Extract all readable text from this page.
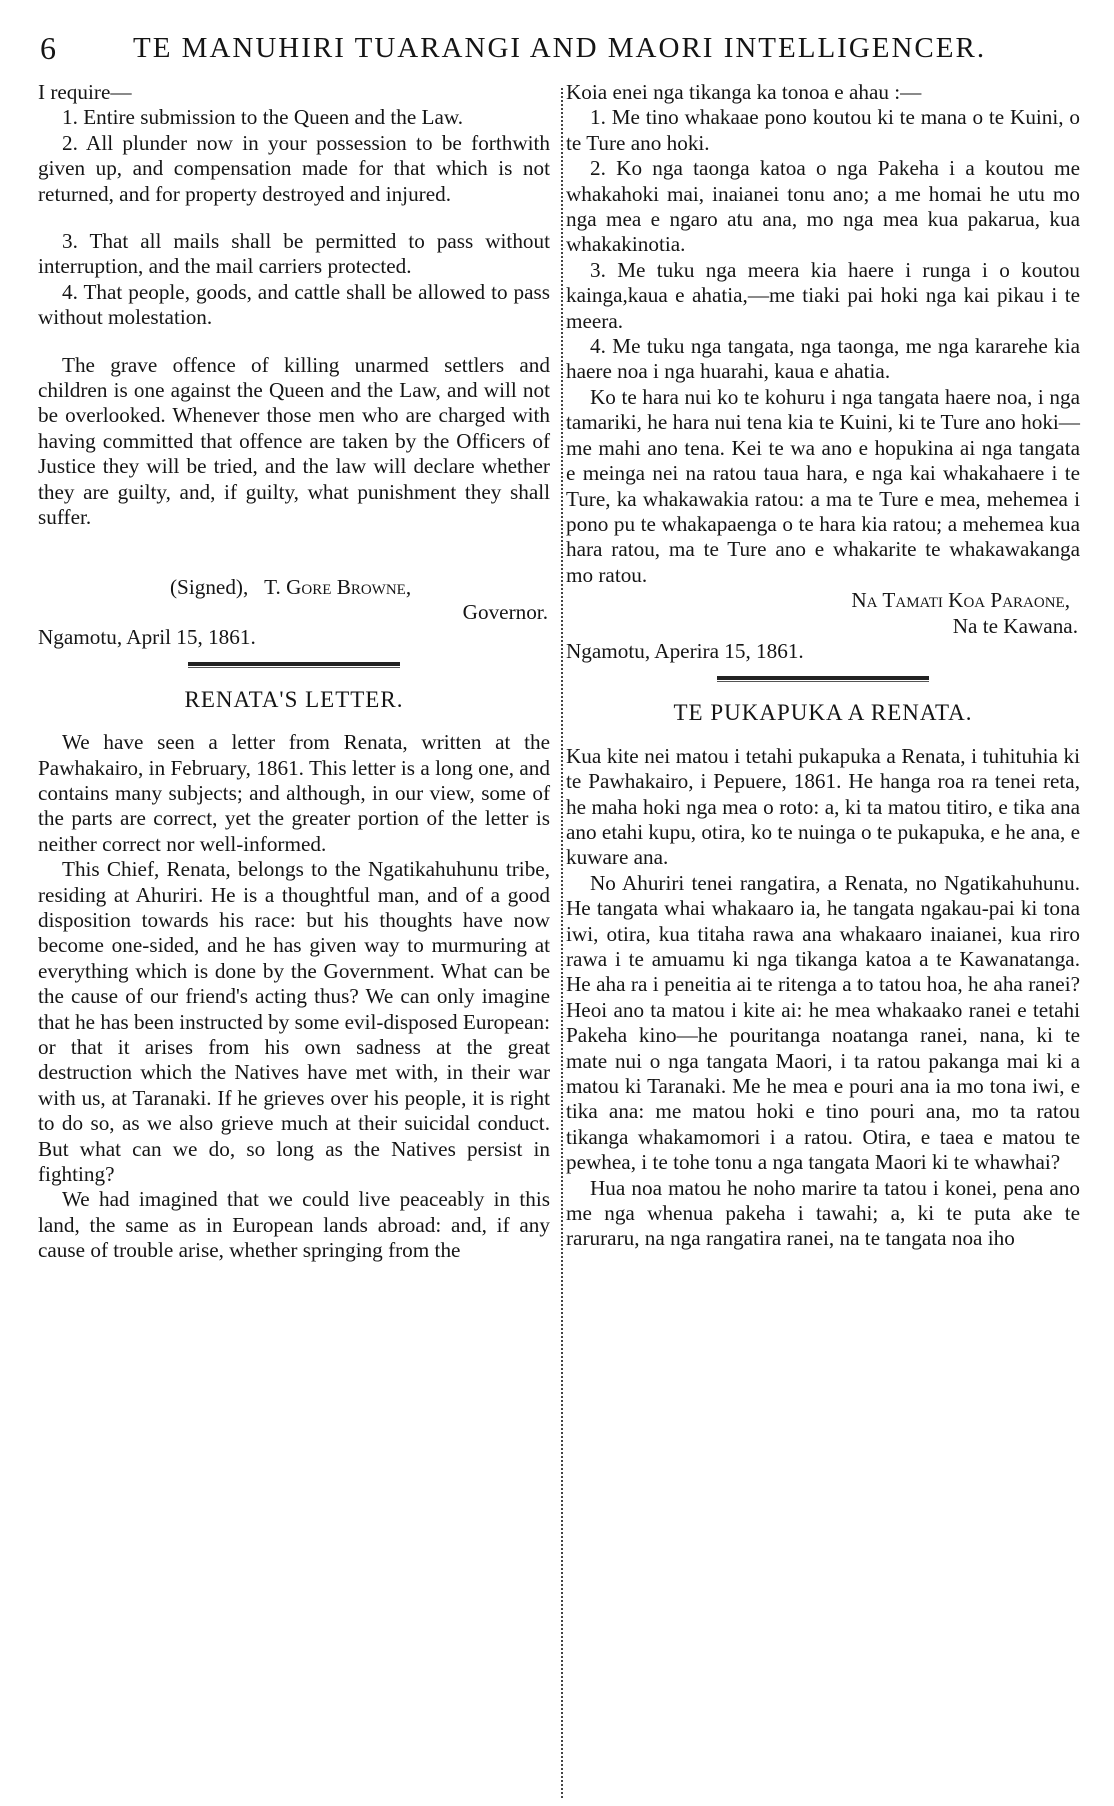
6	TE MANUHIRI TUARANGI AND MAORI INTELLIGENCER.

I require—

1. Entire submission to the Queen and the Law.

2. All plunder now in your possession to be forthwith given up, and compensation made for that which is not returned, and for property destroyed and injured.

3. That all mails shall be permitted to pass without interruption, and the mail carriers protected.

4. That people, goods, and cattle shall be allowed to pass without molestation.

The grave offence of killing unarmed settlers and children is one against the Queen and the Law, and will not be overlooked. Whenever those men who are charged with having committed that offence are taken by the Officers of Justice they will be tried, and the law will declare whether they are guilty, and, if guilty, what punishment they shall suffer.

(Signed), T. Gore Browne,
Governor.

Ngamotu, April 15, 1861.

RENATA'S LETTER.

We have seen a letter from Renata, written at the Pawhakairo, in February, 1861. This letter is a long one, and contains many subjects; and although, in our view, some of the parts are correct, yet the greater portion of the letter is neither correct nor well-informed.

This Chief, Renata, belongs to the Ngatikahuhunu tribe, residing at Ahuriri. He is a thoughtful man, and of a good disposition towards his race: but his thoughts have now become one-sided, and he has given way to murmuring at everything which is done by the Government. What can be the cause of our friend's acting thus? We can only imagine that he has been instructed by some evil-disposed European: or that it arises from his own sadness at the great destruction which the Natives have met with, in their war with us, at Taranaki. If he grieves over his people, it is right to do so, as we also grieve much at their suicidal conduct. But what can we do, so long as the Natives persist in fighting?

We had imagined that we could live peaceably in this land, the same as in European lands abroad: and, if any cause of trouble arise, whether springing from the

Koia enei nga tikanga ka tonoa e ahau :—

1. Me tino whakaae pono koutou ki te mana o te Kuini, o te Ture ano hoki.

2. Ko nga taonga katoa o nga Pakeha i a koutou me whakahoki mai, inaianei tonu ano; a me homai he utu mo nga mea e ngaro atu ana, mo nga mea kua pakarua, kua whakakinotia.

3. Me tuku nga meera kia haere i runga i o koutou kainga,kaua e ahatia,—me tiaki pai hoki nga kai pikau i te meera.

4. Me tuku nga tangata, nga taonga, me nga kararehe kia haere noa i nga huarahi, kaua e ahatia.

Ko te hara nui ko te kohuru i nga tangata haere noa, i nga tamariki, he hara nui tena kia te Kuini, ki te Ture ano hoki—me mahi ano tena. Kei te wa ano e hopukina ai nga tangata e meinga nei na ratou taua hara, e nga kai whakahaere i te Ture, ka whakawakia ratou: a ma te Ture e mea, mehemea i pono pu te whakapaenga o te hara kia ratou; a mehemea kua hara ratou, ma te Ture ano e whakarite te whakawakanga mo ratou.

Na Tamati Koa Paraone,
Na te Kawana.

Ngamotu, Aperira 15, 1861.

TE PUKAPUKA A RENATA.

Kua kite nei matou i tetahi pukapuka a Renata, i tuhituhia ki te Pawhakairo, i Pepuere, 1861. He hanga roa ra tenei reta, he maha hoki nga mea o roto: a, ki ta matou titiro, e tika ana ano etahi kupu, otira, ko te nuinga o te pukapuka, e he ana, e kuware ana.

No Ahuriri tenei rangatira, a Renata, no Ngatikahuhunu. He tangata whai whakaaro ia, he tangata ngakau-pai ki tona iwi, otira, kua titaha rawa ana whakaaro inaianei, kua riro rawa i te amuamu ki nga tikanga katoa a te Kawanatanga. He aha ra i peneitia ai te ritenga a to tatou hoa, he aha ranei? Heoi ano ta matou i kite ai: he mea whakaako ranei e tetahi Pakeha kino—he pouritanga noatanga ranei, nana, ki te mate nui o nga tangata Maori, i ta ratou pakanga mai ki a matou ki Taranaki. Me he mea e pouri ana ia mo tona iwi, e tika ana: me matou hoki e tino pouri ana, mo ta ratou tikanga whakamomori i a ratou. Otira, e taea e matou te pewhea, i te tohe tonu a nga tangata Maori ki te whawhai?

Hua noa matou he noho marire ta tatou i konei, pena ano me nga whenua pakeha i tawahi; a, ki te puta ake te raruraru, na nga rangatira ranei, na te tangata noa iho
